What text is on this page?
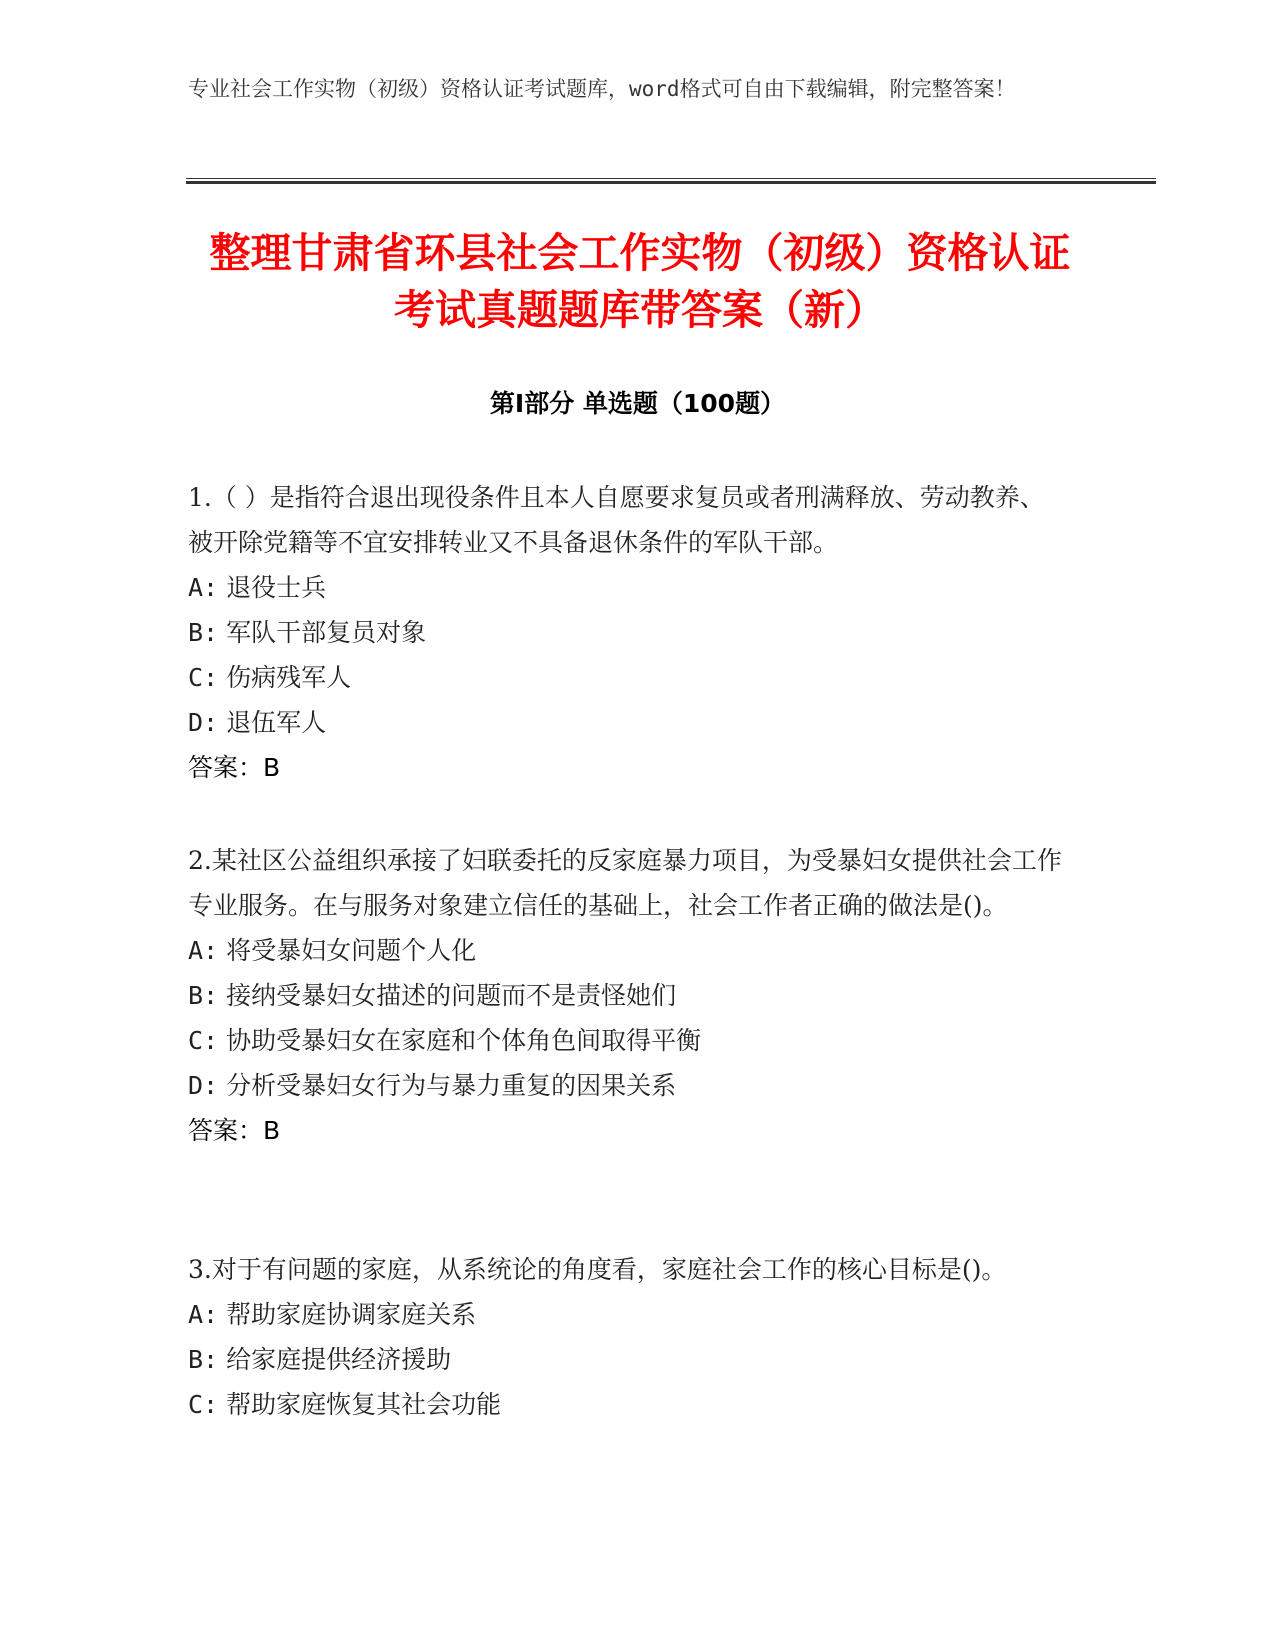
专业社会工作实物（初级）资格认证考试题库，word格式可自由下载编辑，附完整答案！
整理甘肃省环县社会工作实物（初级）资格认证考试真题题库带答案（新）
第Ⅰ部分 单选题（100题）

1.（ ）是指符合退出现役条件且本人自愿要求复员或者刑满释放、劳动教养、被开除党籍等不宜安排转业又不具备退休条件的军队干部。

A: 退役士兵

B: 军队干部复员对象

C: 伤病残军人

D: 退伍军人

答案：B

2.某社区公益组织承接了妇联委托的反家庭暴力项目，为受暴妇女提供社会工作专业服务。在与服务对象建立信任的基础上，社会工作者正确的做法是()。

A: 将受暴妇女问题个人化

B: 接纳受暴妇女描述的问题而不是责怪她们

C: 协助受暴妇女在家庭和个体角色间取得平衡

D: 分析受暴妇女行为与暴力重复的因果关系

答案：B

3.对于有问题的家庭，从系统论的角度看，家庭社会工作的核心目标是()。

A: 帮助家庭协调家庭关系

B: 给家庭提供经济援助

C: 帮助家庭恢复其社会功能
